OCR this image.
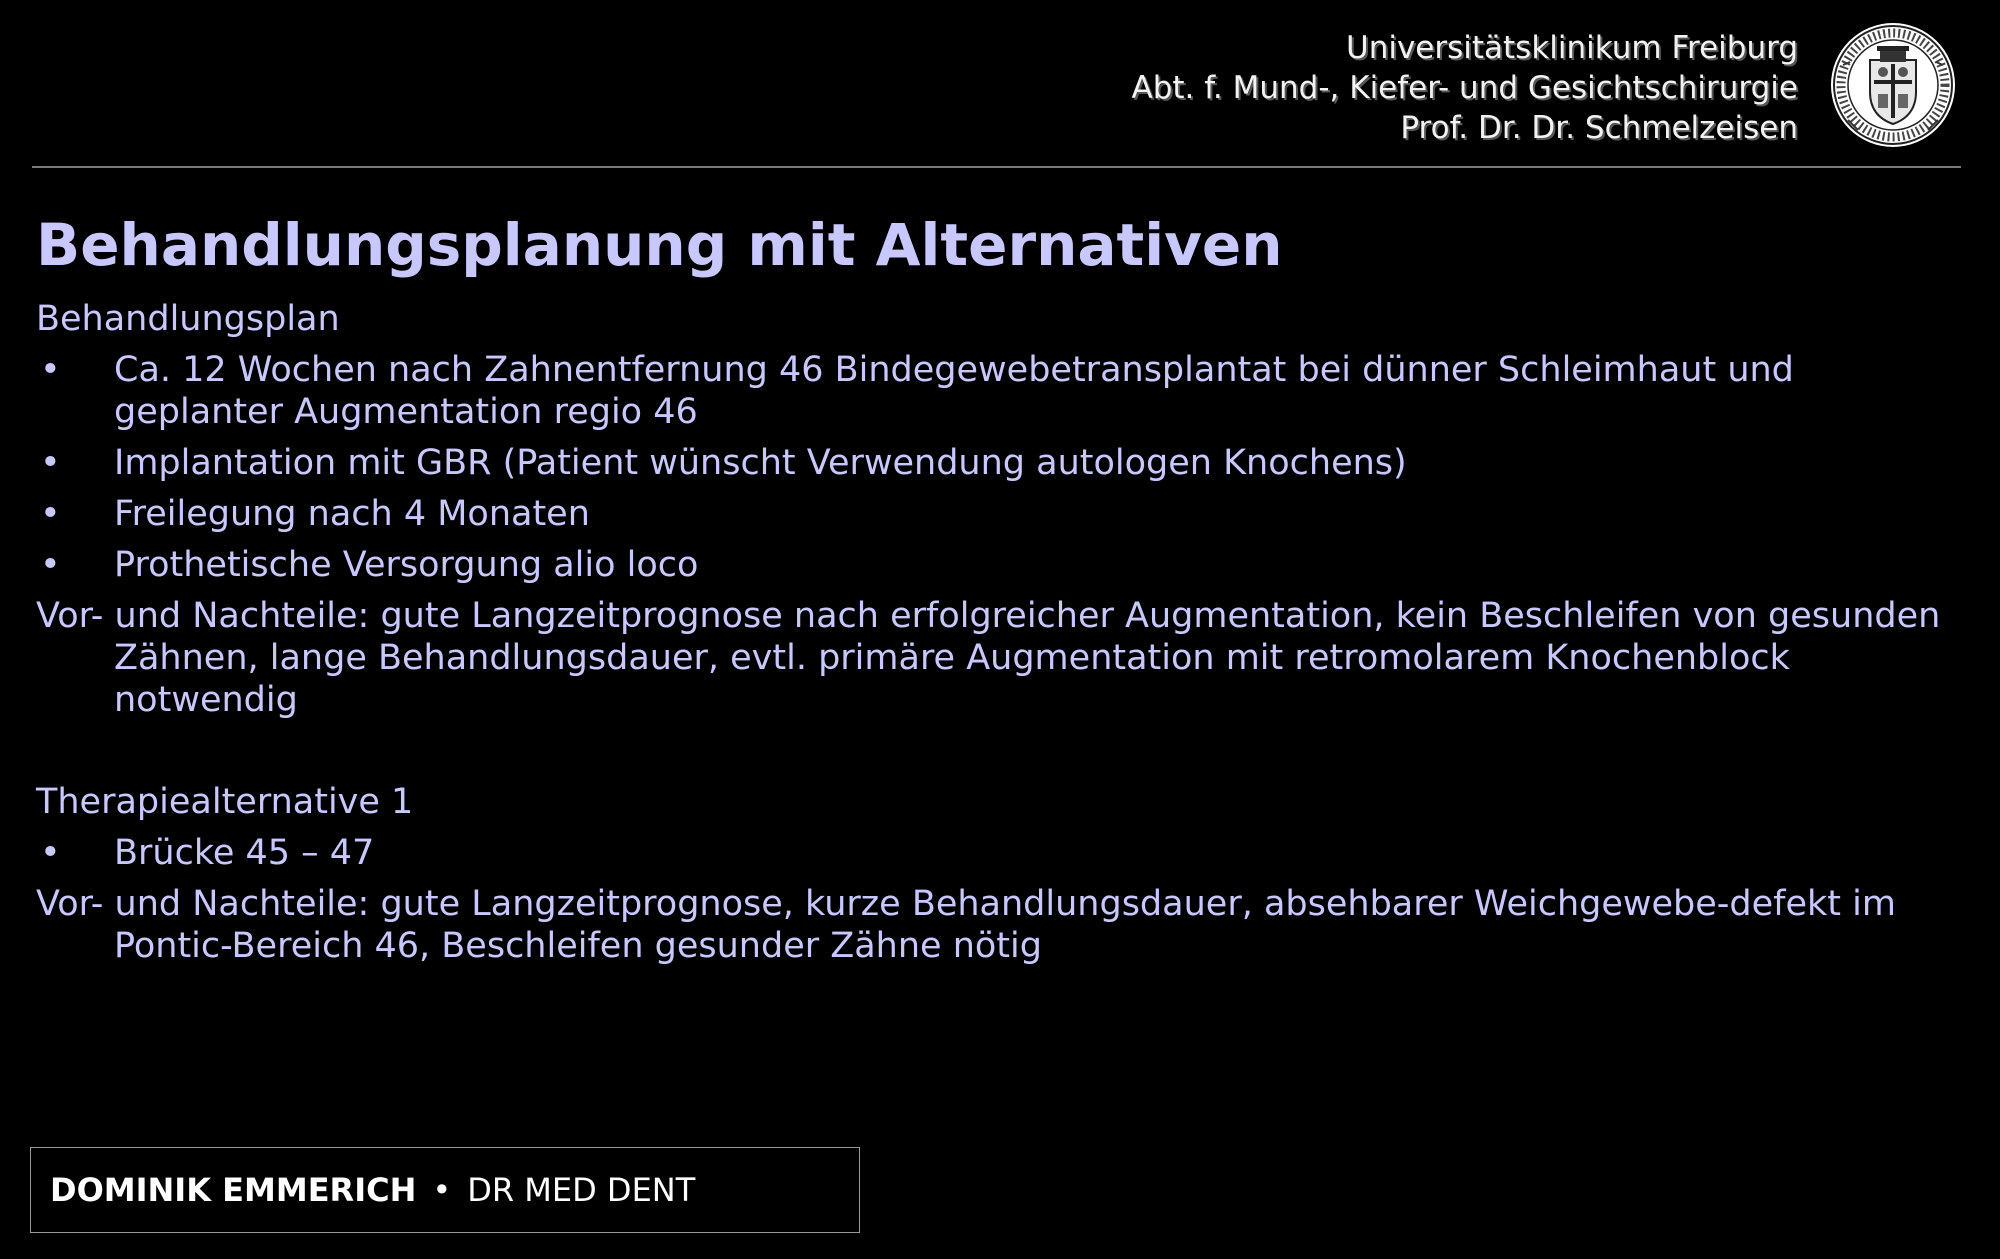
Universitätsklinikum Freiburg
Abt. f. Mund-, Kiefer- und Gesichtschirurgie
Prof. Dr. Dr. Schmelzeisen
Behandlungsplanung mit Alternativen

Behandlungsplan

• Ca. 12 Wochen nach Zahnentfernung 46 Bindegewebetransplantat bei dünner Schleimhaut und geplanter Augmentation regio 46

• Implantation mit GBR (Patient wünscht Verwendung autologen Knochens)

• Freilegung nach 4 Monaten

• Prothetische Versorgung alio loco

Vor- und Nachteile: gute Langzeitprognose nach erfolgreicher Augmentation, kein Beschleifen von gesunden Zähnen, lange Behandlungsdauer, evtl. primäre Augmentation mit retromolarem Knochenblock notwendig

Therapiealternative 1

• Brücke 45 – 47

Vor- und Nachteile: gute Langzeitprognose, kurze Behandlungsdauer, absehbarer Weichgewebe-defekt im Pontic-Bereich 46, Beschleifen gesunder Zähne nötig

DOMINIK EMMERICH • DR MED DENT
